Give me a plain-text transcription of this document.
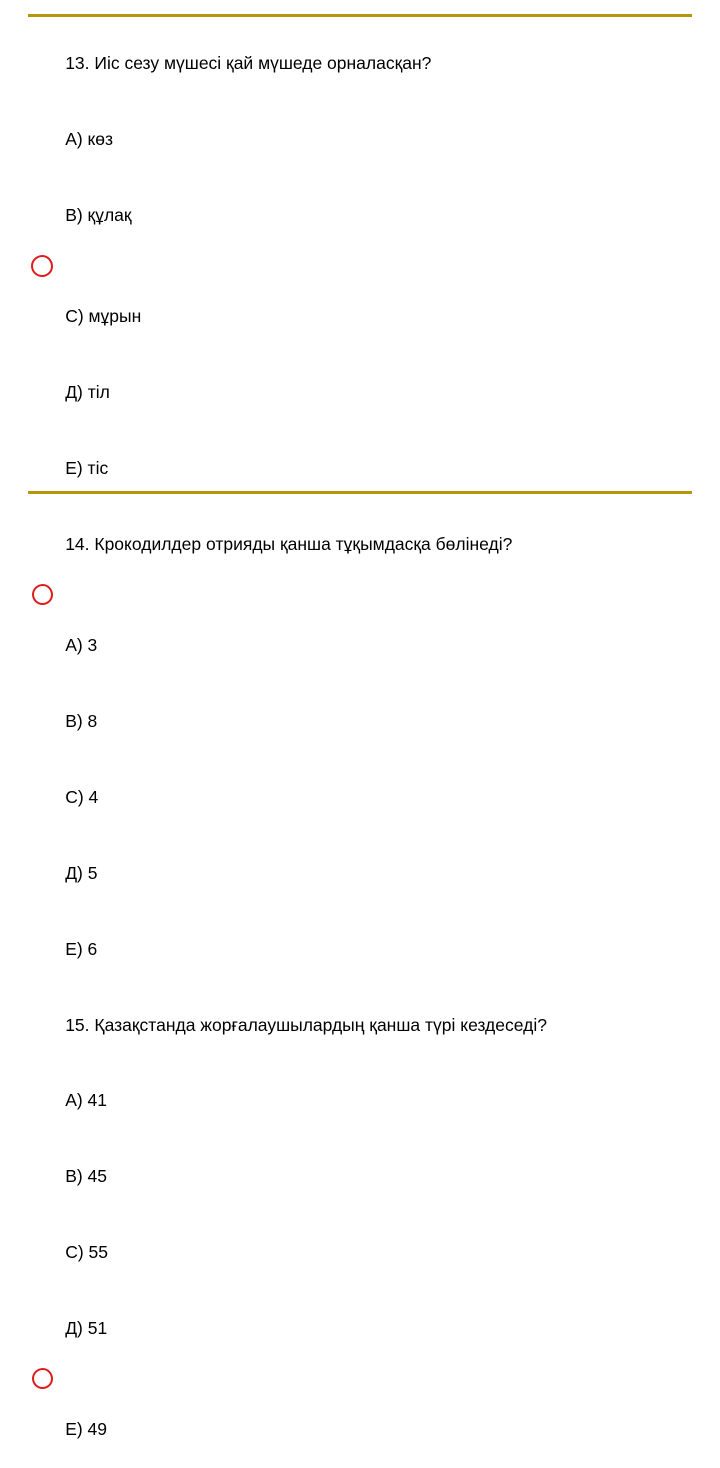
13. Иіс сезу мүшесі қай мүшеде орналасқан?

А) көз

В) құлақ

С) мұрын

Д) тіл

Е) тіс

14. Крокодилдер отрияды қанша тұқымдасқа бөлінеді?

А) 3

В) 8

С) 4

Д) 5

Е) 6

15. Қазақстанда жорғалаушылардың қанша түрі кездеседі?

А) 41

В) 45

С) 55

Д) 51

Е) 49
